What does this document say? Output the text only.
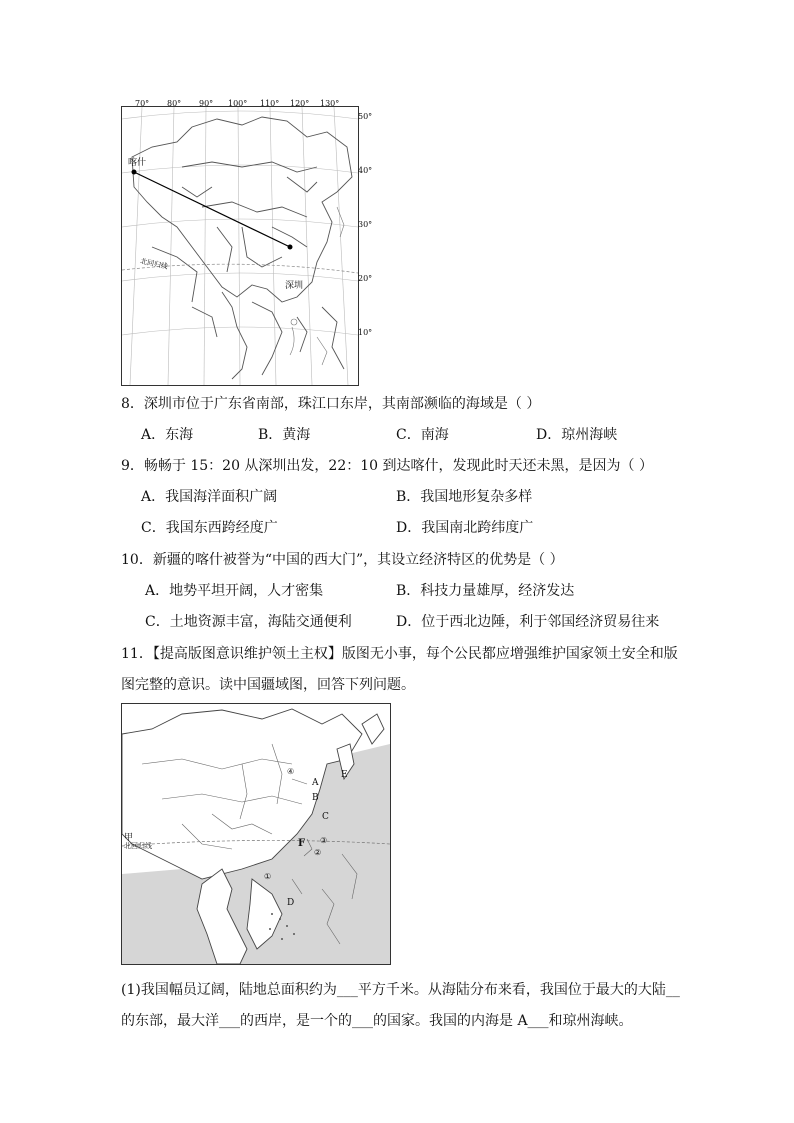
70° 80° 90° 100° 110° 120° 130°
50°
40°
30°
20°
10°
喀什
深圳
北回归线
8．深圳市位于广东省南部，珠江口东岸，其南部濒临的海域是（ ）
A．东海	B．黄海	C．南海	D．琼州海峡
9．畅畅于 15：20 从深圳出发，22：10 到达喀什，发现此时天还未黑，是因为（ ）
A．我国海洋面积广阔	B．我国地形复杂多样
C．我国东西跨经度广	D．我国南北跨纬度广
10．新疆的喀什被誉为“中国的西大门”，其设立经济特区的优势是（ ）
A．地势平坦开阔，人才密集	B．科技力量雄厚，经济发达
C．土地资源丰富，海陆交通便利	D．位于西北边陲，利于邻国经济贸易往来
11．【提高版图意识维护领土主权】版图无小事，每个公民都应增强维护国家领土安全和版
图完整的意识。读中国疆域图，回答下列问题。
A
B
C
D
E
F
甲
①
②
③
④
北回归线
(1)我国幅员辽阔，陆地总面积约为___平方千米。从海陆分布来看，我国位于最大的大陆__
的东部，最大洋___的西岸，是一个的___的国家。我国的内海是 A___和琼州海峡。
